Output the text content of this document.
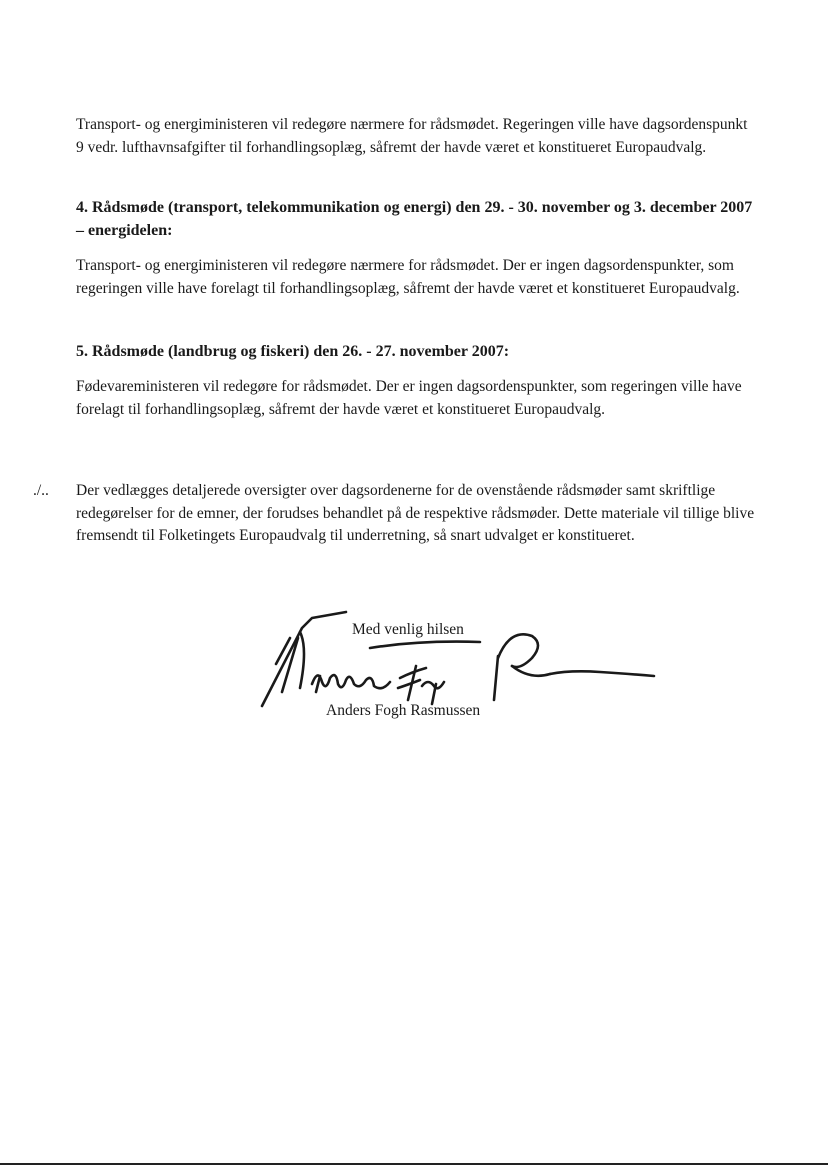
Transport- og energiministeren vil redegøre nærmere for rådsmødet. Regeringen ville have dagsordenspunkt 9 vedr. lufthavnsafgifter til forhandlingsoplæg, såfremt der havde været et konstitueret Europaudvalg.

4. Rådsmøde (transport, telekommunikation og energi) den 29. - 30. november og 3. december 2007 – energidelen:

Transport- og energiministeren vil redegøre nærmere for rådsmødet. Der er ingen dagsordenspunkter, som regeringen ville have forelagt til forhandlingsoplæg, såfremt der havde været et konstitueret Europaudvalg.

5. Rådsmøde (landbrug og fiskeri) den 26. - 27. november 2007:

Fødevareministeren vil redegøre for rådsmødet. Der er ingen dagsordenspunkter, som regeringen ville have forelagt til forhandlingsoplæg, såfremt der havde været et konstitueret Europaudvalg.

./.. Der vedlægges detaljerede oversigter over dagsordenerne for de ovenstående rådsmøder samt skriftlige redegørelser for de emner, der forudses behandlet på de respektive rådsmøder. Dette materiale vil tillige blive fremsendt til Folketingets Europaudvalg til underretning, så snart udvalget er konstitueret.

Med venlig hilsen
Anders Fogh Rasmussen
